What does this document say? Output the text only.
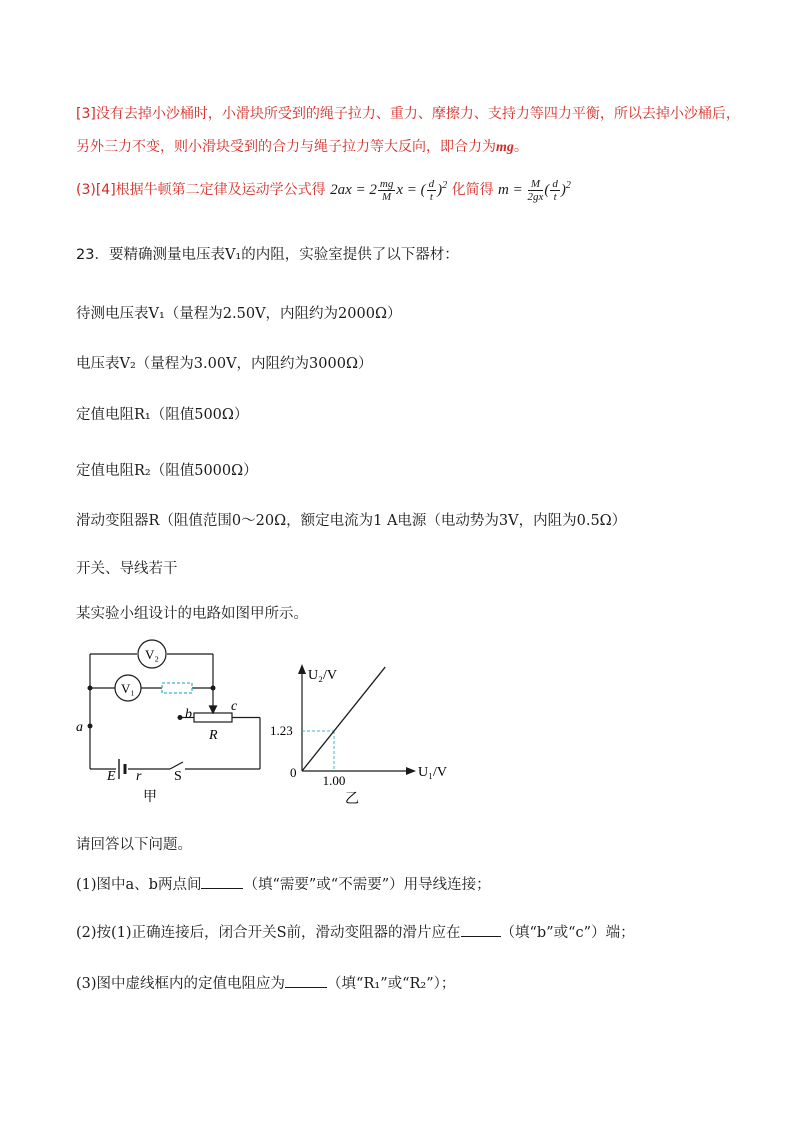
[3]没有去掉小沙桶时，小滑块所受到的绳子拉力、重力、摩擦力、支持力等四力平衡，所以去掉小沙桶后，
另外三力不变，则小滑块受到的合力与绳子拉力等大反向，即合力为mg。
(3)[4]根据牛顿第二定律及运动学公式得 $2ax = 2 \frac{mg}{M}$ x = ( $\frac{d}{t} )^2$ 化简得 $m = \frac{M}{2gx}$ ( $\frac{d}{t} )^2$
23．要精确测量电压表V₁的内阻，实验室提供了以下器材：
待测电压表V₁（量程为2.50V，内阻约为2000Ω）
电压表V₂（量程为3.00V，内阻约为3000Ω）
定值电阻R₁（阻值500Ω）
定值电阻R₂（阻值5000Ω）
滑动变阻器R（阻值范围0～20Ω，额定电流为1 A电源（电动势为3V，内阻为0.5Ω）
开关、导线若干
某实验小组设计的电路如图甲所示。
V₂
V₁
a
b
c
R
E r S
甲
U₂/V
U₁/V
0
1.23
1.00
乙
请回答以下问题。
(1)图中a、b两点间	（填“需要”或“不需要”）用导线连接；
(2)按(1)正确连接后，闭合开关S前，滑动变阻器的滑片应在	（填“b”或“c”）端；
(3)图中虚线框内的定值电阻应为	（填“R₁”或“R₂”）；
